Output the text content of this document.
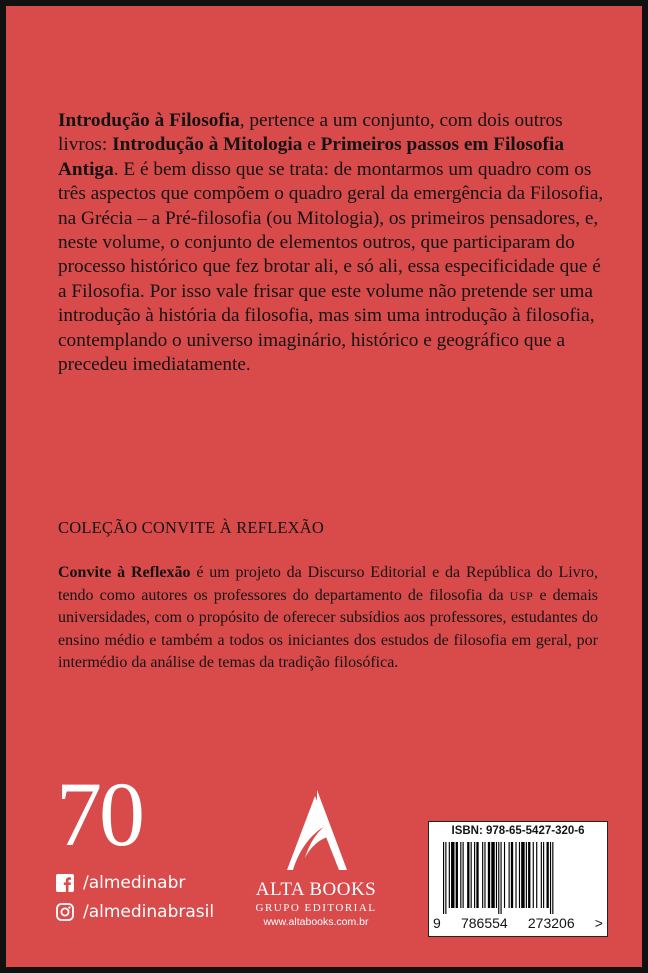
Introdução à Filosofia, pertence a um conjunto, com dois outros livros: Introdução à Mitologia e Primeiros passos em Filosofia Antiga. E é bem disso que se trata: de montarmos um quadro com os três aspectos que compõem o quadro geral da emergência da Filosofia, na Grécia – a Pré-filosofia (ou Mitologia), os primeiros pensadores, e, neste volume, o conjunto de elementos outros, que participaram do processo histórico que fez brotar ali, e só ali, essa especificidade que é a Filosofia. Por isso vale frisar que este volume não pretende ser uma introdução à história da filosofia, mas sim uma introdução à filosofia, contemplando o universo imaginário, histórico e geográfico que a precedeu imediatamente.

COLEÇÃO CONVITE À REFLEXÃO

Convite à Reflexão é um projeto da Discurso Editorial e da República do Livro, tendo como autores os professores do departamento de filosofia da USP e demais universidades, com o propósito de oferecer subsídios aos professores, estudantes do ensino médio e também a todos os iniciantes dos estudos de filosofia em geral, por intermédio da análise de temas da tradição filosófica.

70
/almedinabr
/almedinabrasil
ALTA BOOKS
GRUPO EDITORIAL
www.altabooks.com.br
ISBN: 978-65-5427-320-6
9 786554 273206 >
